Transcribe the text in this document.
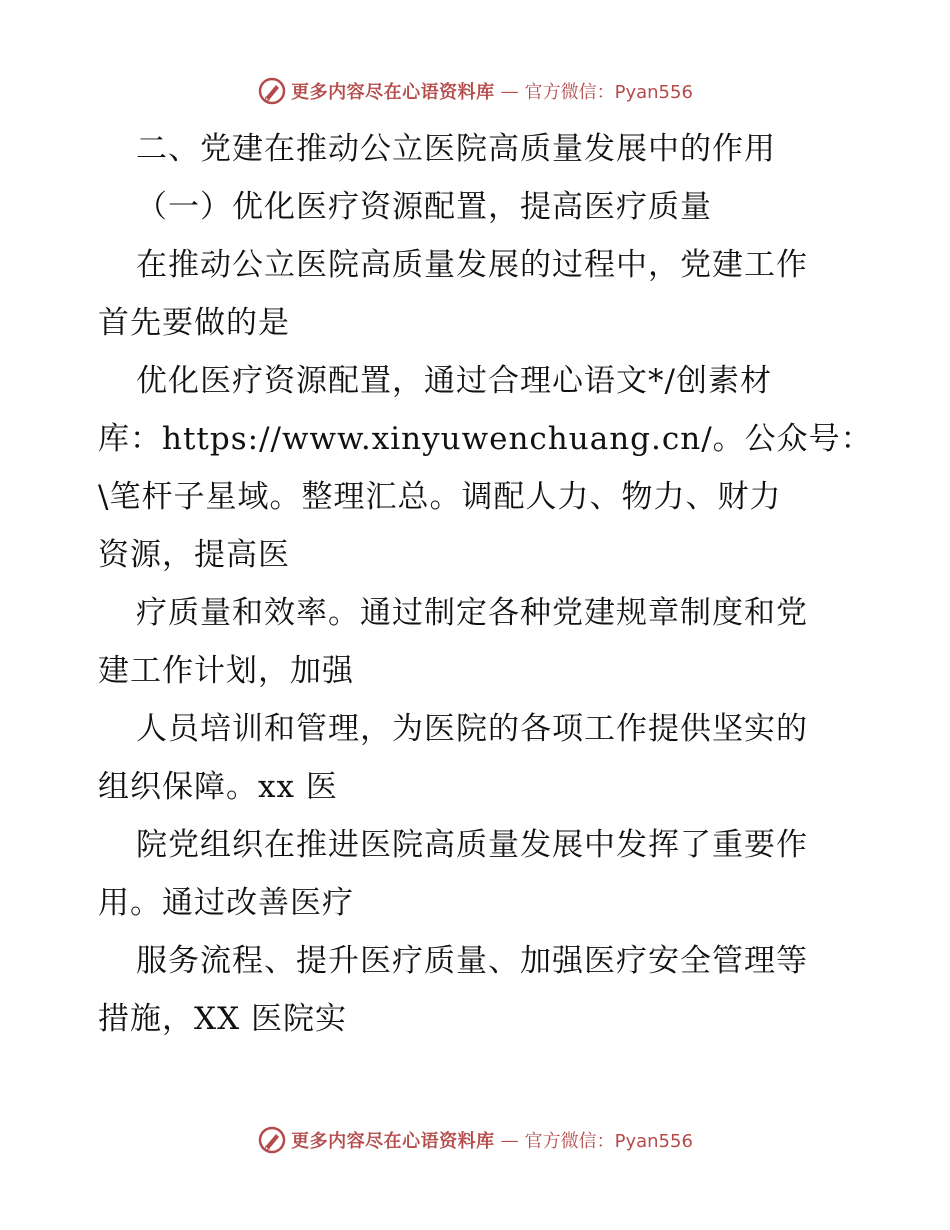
更多内容尽在心语资料库 — 官方微信：Pyan556
二、党建在推动公立医院高质量发展中的作用
（一）优化医疗资源配置，提高医疗质量
在推动公立医院高质量发展的过程中，党建工作
首先要做的是
优化医疗资源配置，通过合理心语文*/创素材
库：https://www.xinyuwenchuang.cn/。公众号：
\笔杆子星域。整理汇总。调配人力、物力、财力
资源，提高医
疗质量和效率。通过制定各种党建规章制度和党
建工作计划，加强
人员培训和管理，为医院的各项工作提供坚实的
组织保障。xx 医
院党组织在推进医院高质量发展中发挥了重要作
用。通过改善医疗
服务流程、提升医疗质量、加强医疗安全管理等
措施，XX 医院实
更多内容尽在心语资料库 — 官方微信：Pyan556
